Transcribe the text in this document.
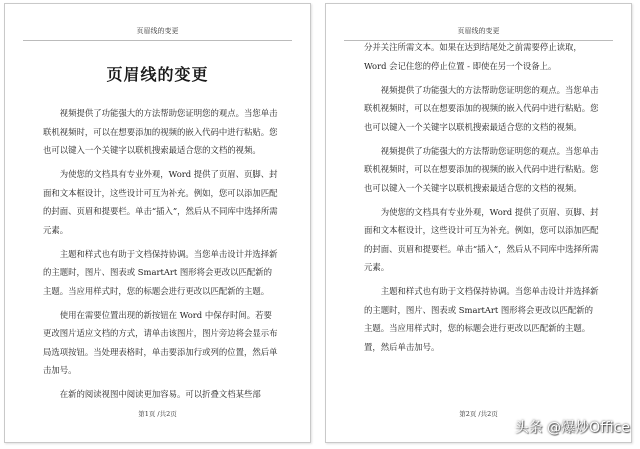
页眉线的变更
页眉线的变更

视频提供了功能强大的方法帮助您证明您的观点。当您单击联机视频时，可以在想要添加的视频的嵌入代码中进行粘贴。您也可以键入一个关键字以联机搜索最适合您的文档的视频。

为使您的文档具有专业外观，Word 提供了页眉、页脚、封面和文本框设计，这些设计可互为补充。例如，您可以添加匹配的封面、页眉和提要栏。单击“插入”，然后从不同库中选择所需元素。

主题和样式也有助于文档保持协调。当您单击设计并选择新的主题时，图片、图表或 SmartArt 图形将会更改以匹配新的主题。当应用样式时，您的标题会进行更改以匹配新的主题。

使用在需要位置出现的新按钮在 Word 中保存时间。若要更改图片适应文档的方式，请单击该图片，图片旁边将会显示布局选项按钮。当处理表格时，单击要添加行或列的位置，然后单击加号。

在新的阅读视图中阅读更加容易。可以折叠文档某些部

第1页 /共2页
页眉线的变更

分并关注所需文本。如果在达到结尾处之前需要停止读取，Word 会记住您的停止位置 - 即使在另一个设备上。

视频提供了功能强大的方法帮助您证明您的观点。当您单击联机视频时，可以在想要添加的视频的嵌入代码中进行粘贴。您也可以键入一个关键字以联机搜索最适合您的文档的视频。

视频提供了功能强大的方法帮助您证明您的观点。当您单击联机视频时，可以在想要添加的视频的嵌入代码中进行粘贴。您也可以键入一个关键字以联机搜索最适合您的文档的视频。

为使您的文档具有专业外观，Word 提供了页眉、页脚、封面和文本框设计，这些设计可互为补充。例如，您可以添加匹配的封面、页眉和提要栏。单击“插入”，然后从不同库中选择所需元素。

主题和样式也有助于文档保持协调。当您单击设计并选择新的主题时，图片、图表或 SmartArt 图形将会更改以匹配新的主题。当应用样式时，您的标题会进行更改以匹配新的主题。置，然后单击加号。

第2页 /共2页
头条 @爆炒Office
